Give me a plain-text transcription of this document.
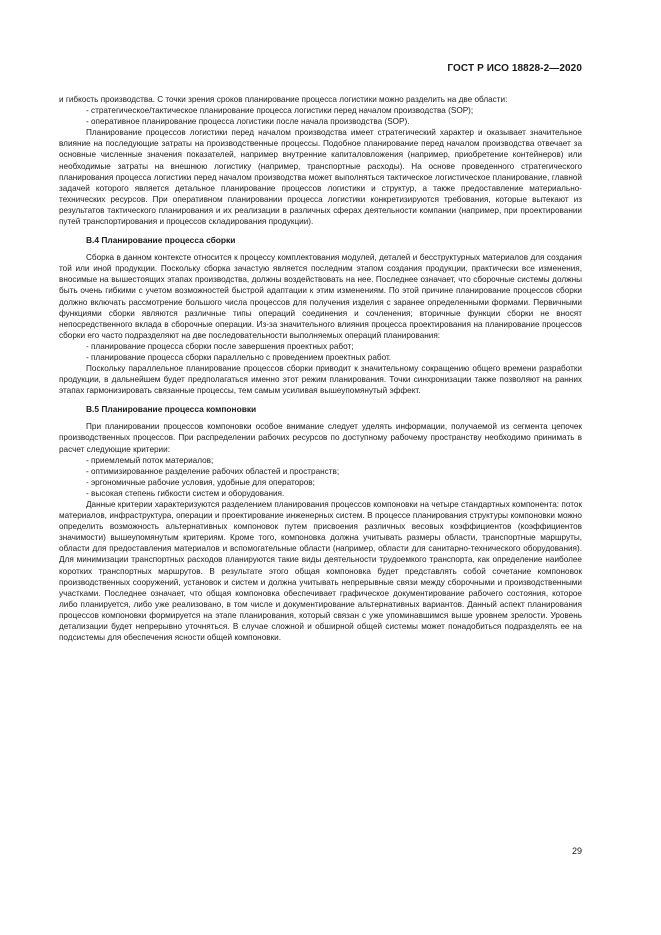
ГОСТ Р ИСО 18828-2—2020

и гибкость производства. С точки зрения сроков планирование процесса логистики можно разделить на две области:

- стратегическое/тактическое планирование процесса логистики перед началом производства (SOP);

- оперативное планирование процесса логистики после начала производства (SOP).

Планирование процессов логистики перед началом производства имеет стратегический характер и оказывает значительное влияние на последующие затраты на производственные процессы. Подобное планирование перед началом производства отвечает за основные численные значения показателей, например внутренние капиталовложения (например, приобретение контейнеров) или необходимые затраты на внешнюю логистику (например, транспортные расходы). На основе проведенного стратегического планирования процесса логистики перед началом производства может выполняться тактическое логистическое планирование, главной задачей которого является детальное планирование процессов логистики и структур, а также предоставление материально-технических ресурсов. При оперативном планировании процесса логистики конкретизируются требования, которые вытекают из результатов тактического планирования и их реализации в различных сферах деятельности компании (например, при проектировании путей транспортирования и процессов складирования продукции).

В.4 Планирование процесса сборки

Сборка в данном контексте относится к процессу комплектования модулей, деталей и бесструктурных материалов для создания той или иной продукции. Поскольку сборка зачастую является последним этапом создания продукции, практически все изменения, вносимые на вышестоящих этапах производства, должны воздействовать на нее. Последнее означает, что сборочные системы должны быть очень гибкими с учетом возможностей быстрой адаптации к этим изменениям. По этой причине планирование процессов сборки должно включать рассмотрение большого числа процессов для получения изделия с заранее определенными формами. Первичными функциями сборки являются различные типы операций соединения и сочленения; вторичные функции сборки не вносят непосредственного вклада в сборочные операции. Из-за значительного влияния процесса проектирования на планирование процессов сборки его часто подразделяют на две последовательности выполняемых операций планирования:

- планирование процесса сборки после завершения проектных работ;

- планирование процесса сборки параллельно с проведением проектных работ.

Поскольку параллельное планирование процессов сборки приводит к значительному сокращению общего времени разработки продукции, в дальнейшем будет предполагаться именно этот режим планирования. Точки синхронизации также позволяют на ранних этапах гармонизировать связанные процессы, тем самым усиливая вышеупомянутый эффект.

В.5 Планирование процесса компоновки

При планировании процессов компоновки особое внимание следует уделять информации, получаемой из сегмента цепочек производственных процессов. При распределении рабочих ресурсов по доступному рабочему пространству необходимо принимать в расчет следующие критерии:

- приемлемый поток материалов;

- оптимизированное разделение рабочих областей и пространств;

- эргономичные рабочие условия, удобные для операторов;

- высокая степень гибкости систем и оборудования.

Данные критерии характеризуются разделением планирования процессов компоновки на четыре стандартных компонента: поток материалов, инфраструктура, операции и проектирование инженерных систем. В процессе планирования структуры компоновки можно определить возможность альтернативных компоновок путем присвоения различных весовых коэффициентов (коэффициентов значимости) вышеупомянутым критериям. Кроме того, компоновка должна учитывать размеры области, транспортные маршруты, области для предоставления материалов и вспомогательные области (например, области для санитарно-технического оборудования). Для минимизации транспортных расходов планируются такие виды деятельности трудоемкого транспорта, как определение наиболее коротких транспортных маршрутов. В результате этого общая компоновка будет представлять собой сочетание компоновок производственных сооружений, установок и систем и должна учитывать непрерывные связи между сборочными и производственными участками. Последнее означает, что общая компоновка обеспечивает графическое документирование рабочего состояния, которое либо планируется, либо уже реализовано, в том числе и документирование альтернативных вариантов. Данный аспект планирования процессов компоновки формируется на этапе планирования, который связан с уже упоминавшимся выше уровнем зрелости. Уровень детализации будет непрерывно уточняться. В случае сложной и обширной общей системы может понадобиться подразделять ее на подсистемы для обеспечения ясности общей компоновки.

29
